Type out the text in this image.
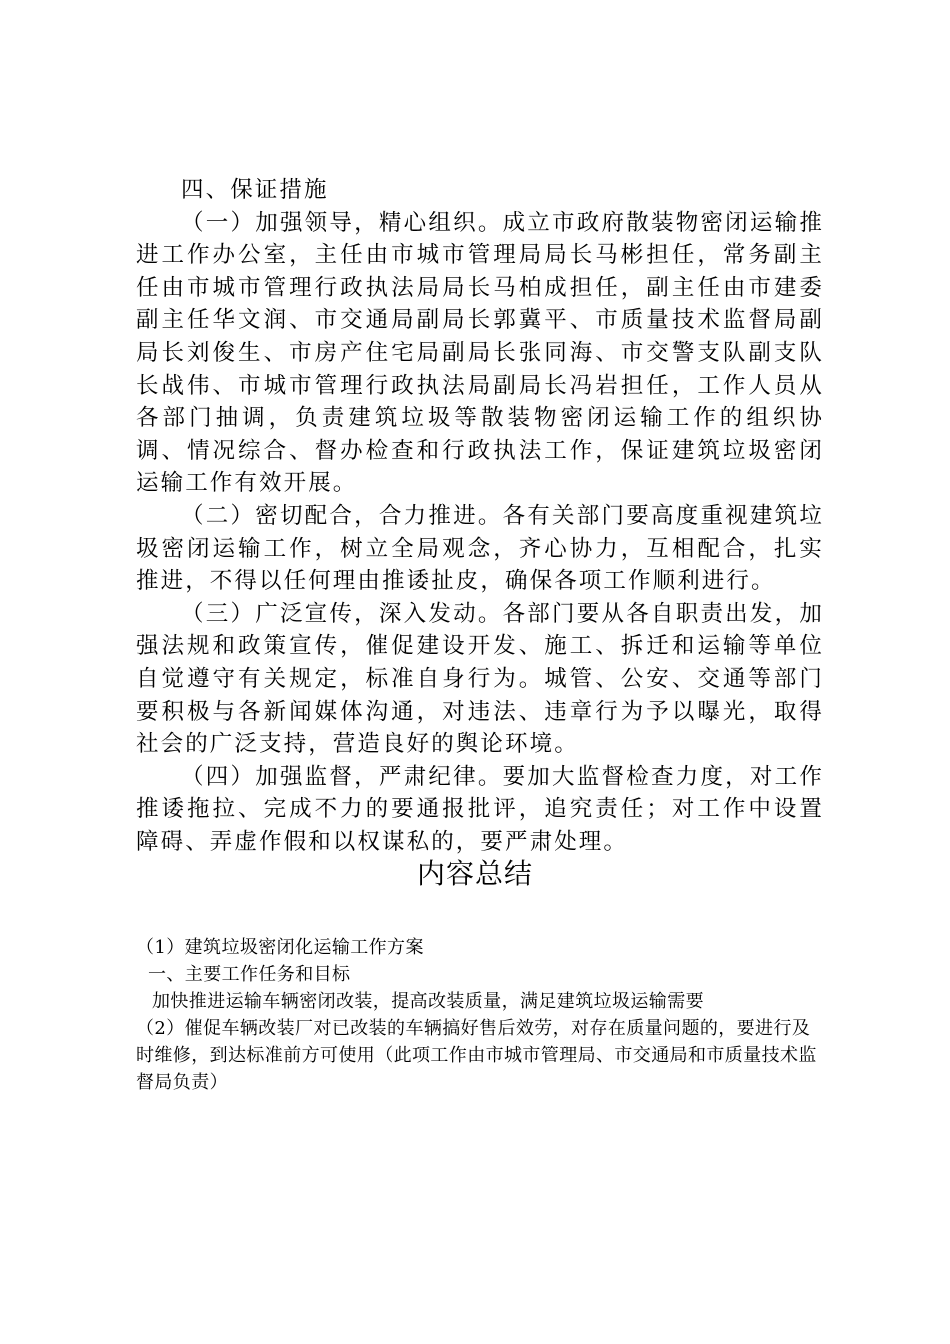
四、保证措施

（一）加强领导，精心组织。成立市政府散装物密闭运输推进工作办公室，主任由市城市管理局局长马彬担任，常务副主任由市城市管理行政执法局局长马柏成担任，副主任由市建委副主任华文润、市交通局副局长郭冀平、市质量技术监督局副局长刘俊生、市房产住宅局副局长张同海、市交警支队副支队长战伟、市城市管理行政执法局副局长冯岩担任，工作人员从各部门抽调，负责建筑垃圾等散装物密闭运输工作的组织协调、情况综合、督办检查和行政执法工作，保证建筑垃圾密闭运输工作有效开展。

（二）密切配合，合力推进。各有关部门要高度重视建筑垃圾密闭运输工作，树立全局观念，齐心协力，互相配合，扎实推进，不得以任何理由推诿扯皮，确保各项工作顺利进行。

（三）广泛宣传，深入发动。各部门要从各自职责出发，加强法规和政策宣传，催促建设开发、施工、拆迁和运输等单位自觉遵守有关规定，标准自身行为。城管、公安、交通等部门要积极与各新闻媒体沟通，对违法、违章行为予以曝光，取得社会的广泛支持，营造良好的舆论环境。

（四）加强监督，严肃纪律。要加大监督检查力度，对工作推诿拖拉、完成不力的要通报批评，追究责任；对工作中设置障碍、弄虚作假和以权谋私的，要严肃处理。

内容总结

（1）建筑垃圾密闭化运输工作方案

一、主要工作任务和目标

加快推进运输车辆密闭改装，提高改装质量，满足建筑垃圾运输需要

（2）催促车辆改装厂对已改装的车辆搞好售后效劳，对存在质量问题的，要进行及时维修，到达标准前方可使用（此项工作由市城市管理局、市交通局和市质量技术监督局负责）
